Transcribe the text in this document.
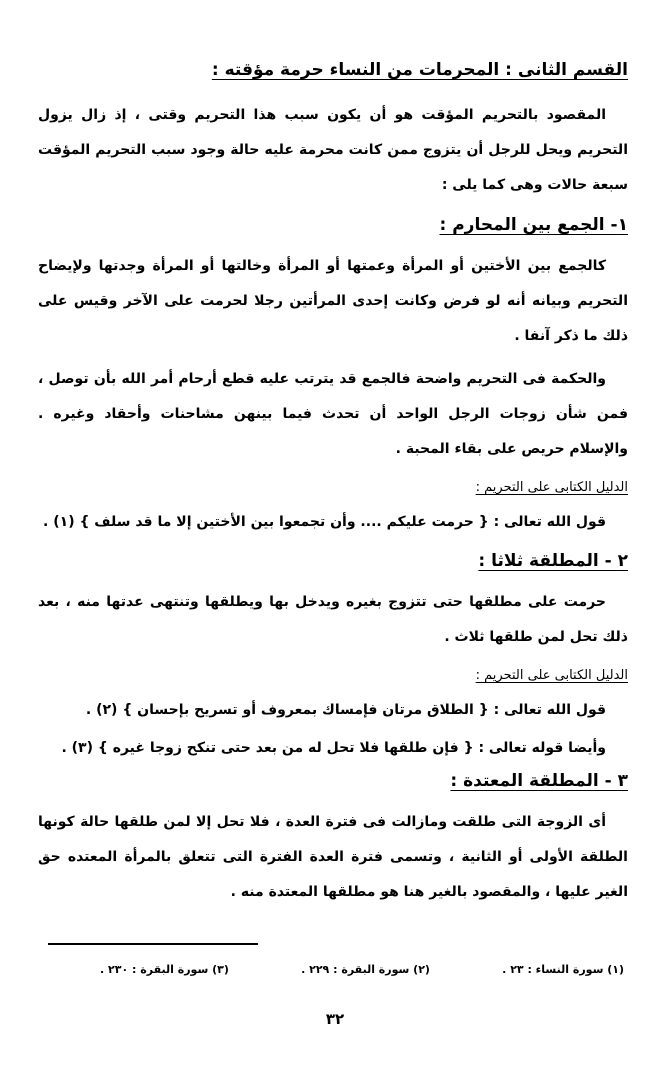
القسم الثانى : المحرمات من النساء حرمة مؤقته :

المقصود بالتحريم المؤقت هو أن يكون سبب هذا التحريم وقتى ، إذ زال يزول التحريم ويحل للرجل أن يتزوج ممن كانت محرمة عليه حالة وجود سبب التحريم المؤقت سبعة حالات وهى كما يلى :

١- الجمع بين المحارم :

كالجمع بين الأختين أو المرأة وعمتها أو المرأة وخالتها أو المرأة وجدتها ولإيضاح التحريم وبيانه أنه لو فرض وكانت إحدى المرأتين رجلا لحرمت على الآخر وقيس على ذلك ما ذكر آنفا .

والحكمة فى التحريم واضحة فالجمع قد يترتب عليه قطع أرحام أمر الله بأن توصل ، فمن شأن زوجات الرجل الواحد أن تحدث فيما بينهن مشاحنات وأحقاد وغيره . والإسلام حريص على بقاء المحبة .

الدليل الكتابى على التحريم :

قول الله تعالى : { حرمت عليكم .... وأن تجمعوا بين الأختين إلا ما قد سلف } (١) .

٢ - المطلقة ثلاثا :

حرمت على مطلقها حتى تتزوج بغيره ويدخل بها ويطلقها وتنتهى عدتها منه ، بعد ذلك تحل لمن طلقها ثلاث .

الدليل الكتابى على التحريم :

قول الله تعالى : { الطلاق مرتان فإمساك بمعروف أو تسريح بإحسان } (٢) .

وأيضا قوله تعالى : { فإن طلقها فلا تحل له من بعد حتى تنكح زوجا غيره } (٣) .

٣ - المطلقة المعتدة :

أى الزوجة التى طلقت ومازالت فى فترة العدة ، فلا تحل إلا لمن طلقها حالة كونها الطلقة الأولى أو الثانية ، وتسمى فترة العدة الفترة التى تتعلق بالمرأة المعتده حق الغير عليها ، والمقصود بالغير هنا هو مطلقها المعتدة منه .

(١) سورة النساء : ٢٣ .
(٢) سورة البقرة : ٢٢٩ .
(٣) سورة البقرة : ٢٣٠ .
٣٢
